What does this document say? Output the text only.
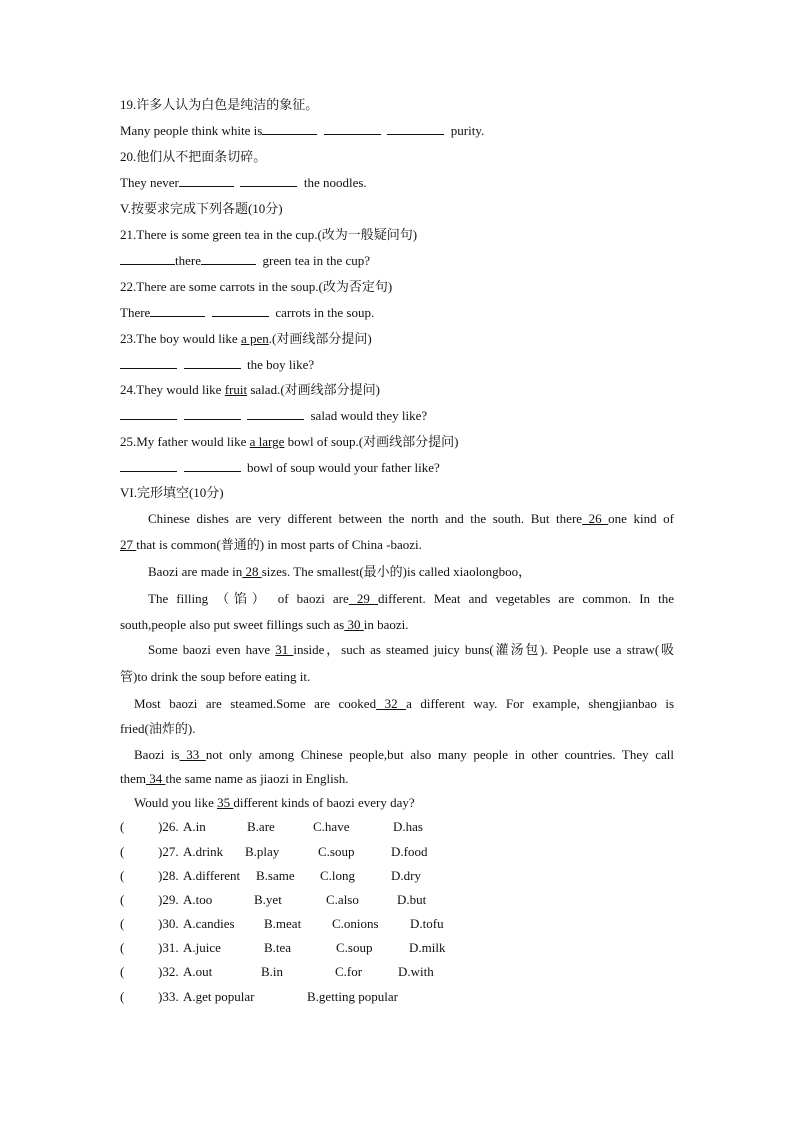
19.许多人认为白色是纯洁的象征。
Many people think white is	purity.
20.他们从不把面条切碎。
They never	the noodles.
V.按要求完成下列各题(10分)
21.There is some green tea in the cup.(改为一般疑问句)
there	green tea in the cup?
22.There are some carrots in the soup.(改为否定句)
There	carrots in the soup.
23.The boy would like a pen.(对画线部分提问)
the boy like?
24.They would like fruit salad.(对画线部分提问)
salad would they like?
25.My father would like a large bowl of soup.(对画线部分提问)
bowl of soup would your father like?
VI.完形填空(10分)
Chinese dishes are very different between the north and the south. But there 26 one kind of
27 that is common(普通的) in most parts of China -baozi.
Baozi are made in 28 sizes. The smallest(最小的)is called xiaolongboo，
The filling （馅） of baozi are 29 different. Meat and vegetables are common. In the
south,people also put sweet fillings such as 30 in baozi.
Some baozi even have 31 inside，such as steamed juicy buns(灌汤包). People use a straw(吸
管)to drink the soup before eating it.
Most baozi are steamed.Some are cooked 32 a different way. For example, shengjianbao is
fried(油炸的).
Baozi is 33 not only among Chinese people,but also many people in other countries. They call
them 34 the same name as jiaozi in English.
Would you like 35 different kinds of baozi every day?
(	)26. A.in	B.are	C.have	D.has
(	)27. A.drink B.play	C.soup	D.food
(	)28. A.different B.same C.long	D.dry
(	)29. A.too	B.yet	C.also	D.but
(	)30. A.candies B.meat C.onions D.tofu
(	)31. A.juice	B.tea	C.soup	D.milk
(	)32. A.out	B.in	C.for	D.with
(	)33. A.get popular	B.getting popular
